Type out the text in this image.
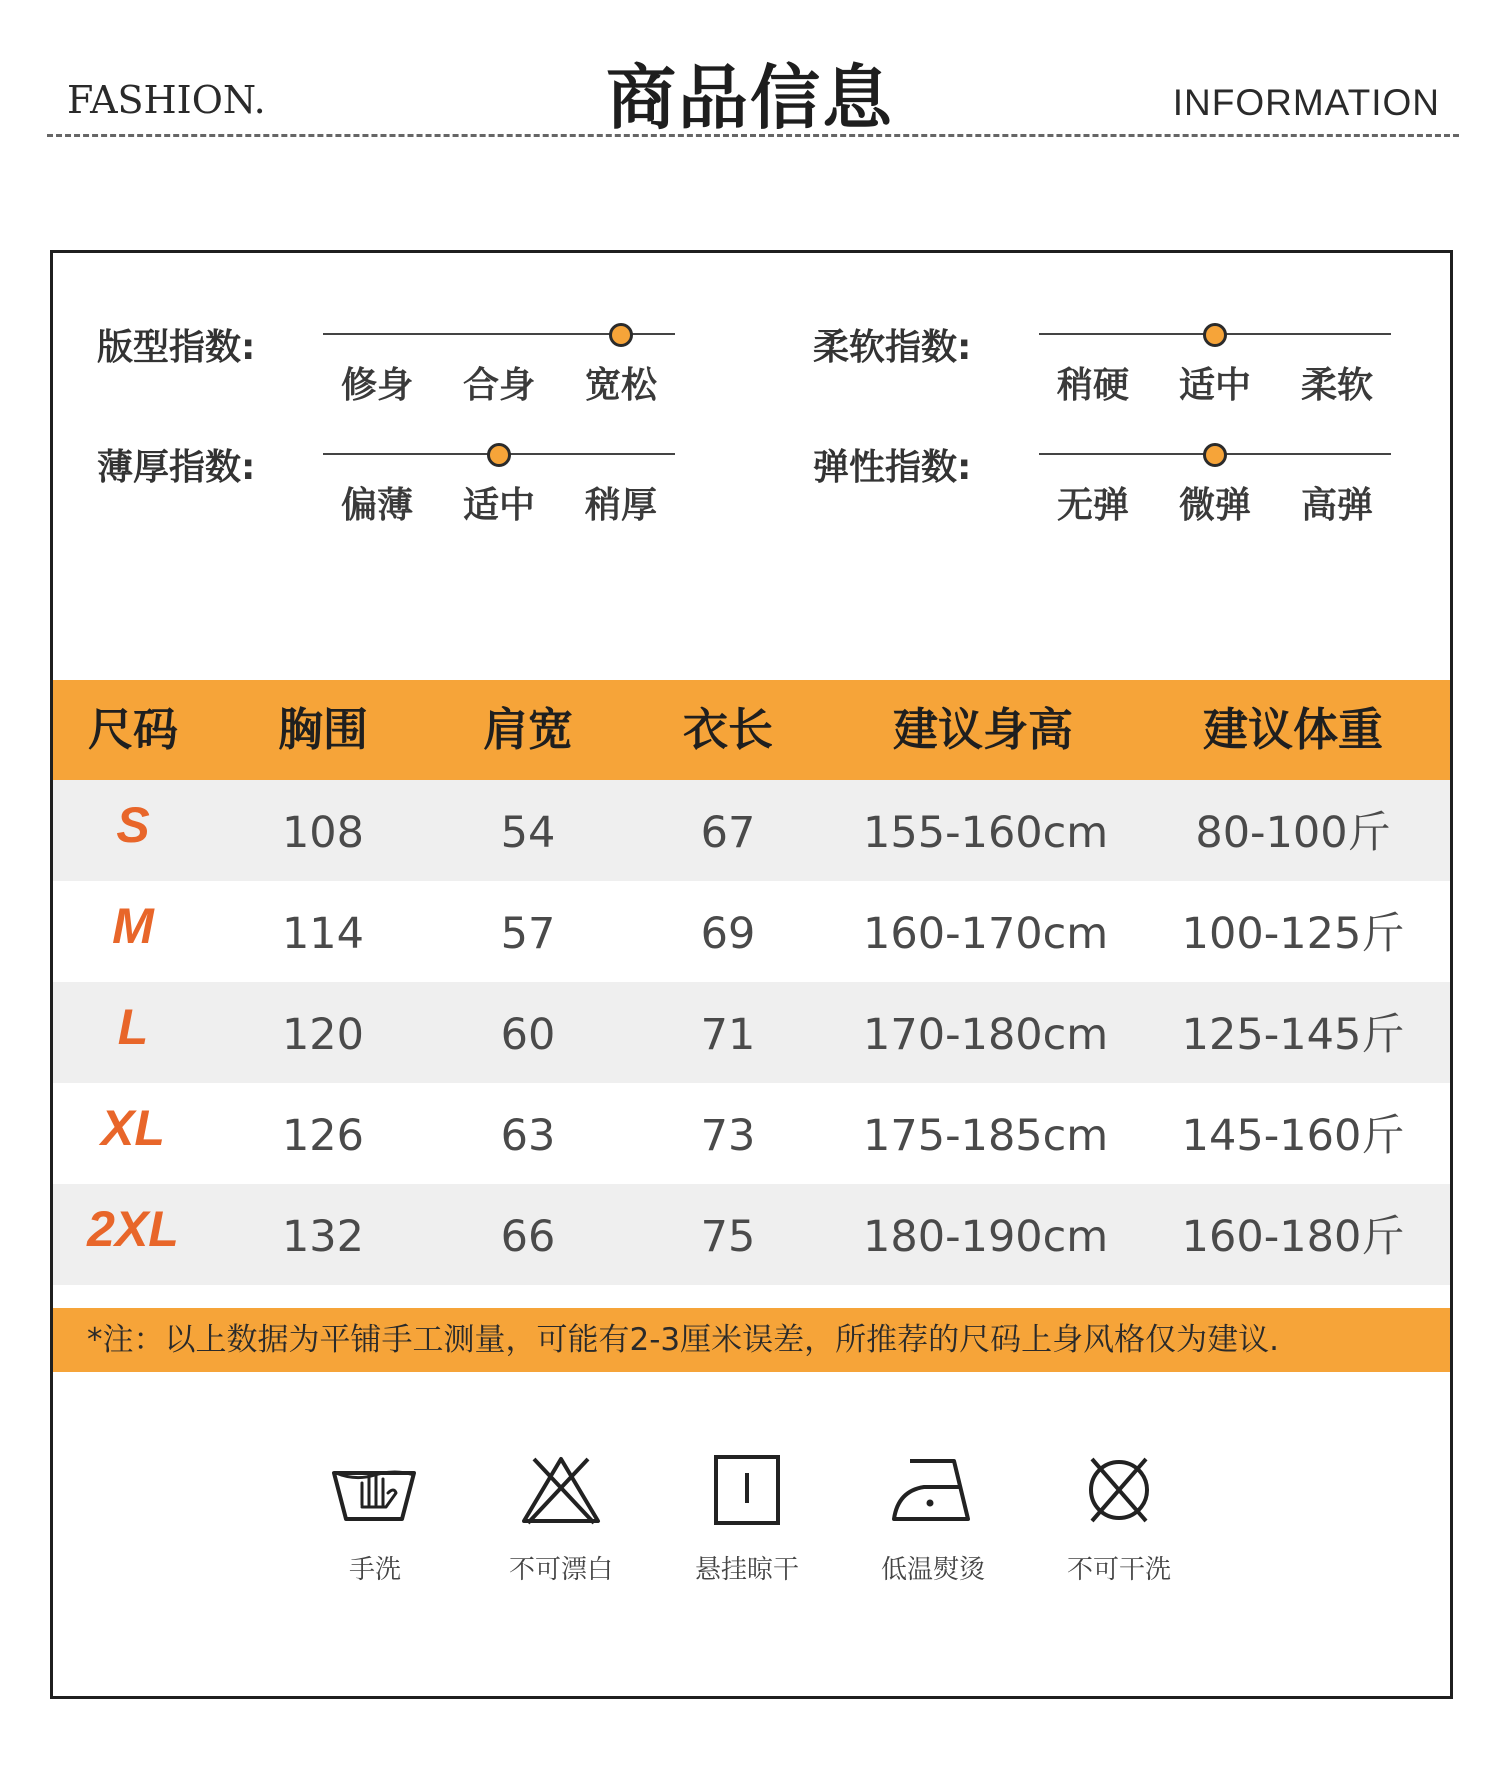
FASHION.	商品信息	INFORMATION
版型指数:
修身	合身	宽松
柔软指数:
稍硬	适中	柔软
薄厚指数:
偏薄	适中	稍厚
弹性指数:
无弹	微弹	高弹
尺码	胸围	肩宽	衣长	建议身高	建议体重
S	108	54	67	155-160cm	80-100斤
M	114	57	69	160-170cm 100-125斤
L	120	60	71	170-180cm 125-145斤
XL	126	63	73	175-185cm 145-160斤
2XL	132	66	75	180-190cm 160-180斤
*注：以上数据为平铺手工测量，可能有2-3厘米误差，所推荐的尺码上身风格仅为建议.
手洗	不可漂白	悬挂晾干	低温熨烫	不可干洗
